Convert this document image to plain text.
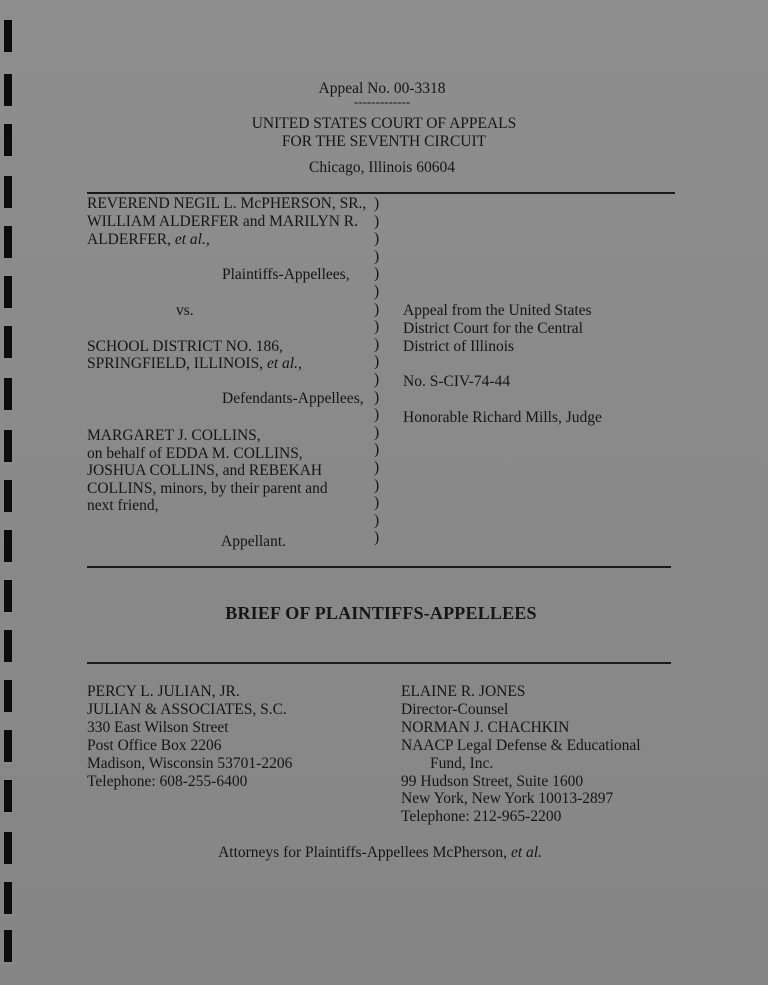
Appeal No. 00-3318
-------------
UNITED STATES COURT OF APPEALS
FOR THE SEVENTH CIRCUIT
Chicago, Illinois 60604
REVEREND NEGIL L. McPHERSON, SR.,
WILLIAM ALDERFER and MARILYN R.
ALDERFER, et al.,
Plaintiffs-Appellees,
vs.
SCHOOL DISTRICT NO. 186,
SPRINGFIELD, ILLINOIS, et al.,
Defendants-Appellees,
MARGARET J. COLLINS,
on behalf of EDDA M. COLLINS,
JOSHUA COLLINS, and REBEKAH
COLLINS, minors, by their parent and
next friend,
Appellant.
)
)
)
)
)
)
)
)
)
)
)
)
)
)
)
)
)
)
)
)
Appeal from the United States
District Court for the Central
District of Illinois
No. S-CIV-74-44
Honorable Richard Mills, Judge
BRIEF OF PLAINTIFFS-APPELLEES
PERCY L. JULIAN, JR.
JULIAN & ASSOCIATES, S.C.
330 East Wilson Street
Post Office Box 2206
Madison, Wisconsin 53701-2206
Telephone: 608-255-6400
ELAINE R. JONES
Director-Counsel
NORMAN J. CHACHKIN
NAACP Legal Defense & Educational
Fund, Inc.
99 Hudson Street, Suite 1600
New York, New York 10013-2897
Telephone: 212-965-2200
Attorneys for Plaintiffs-Appellees McPherson, et al.
